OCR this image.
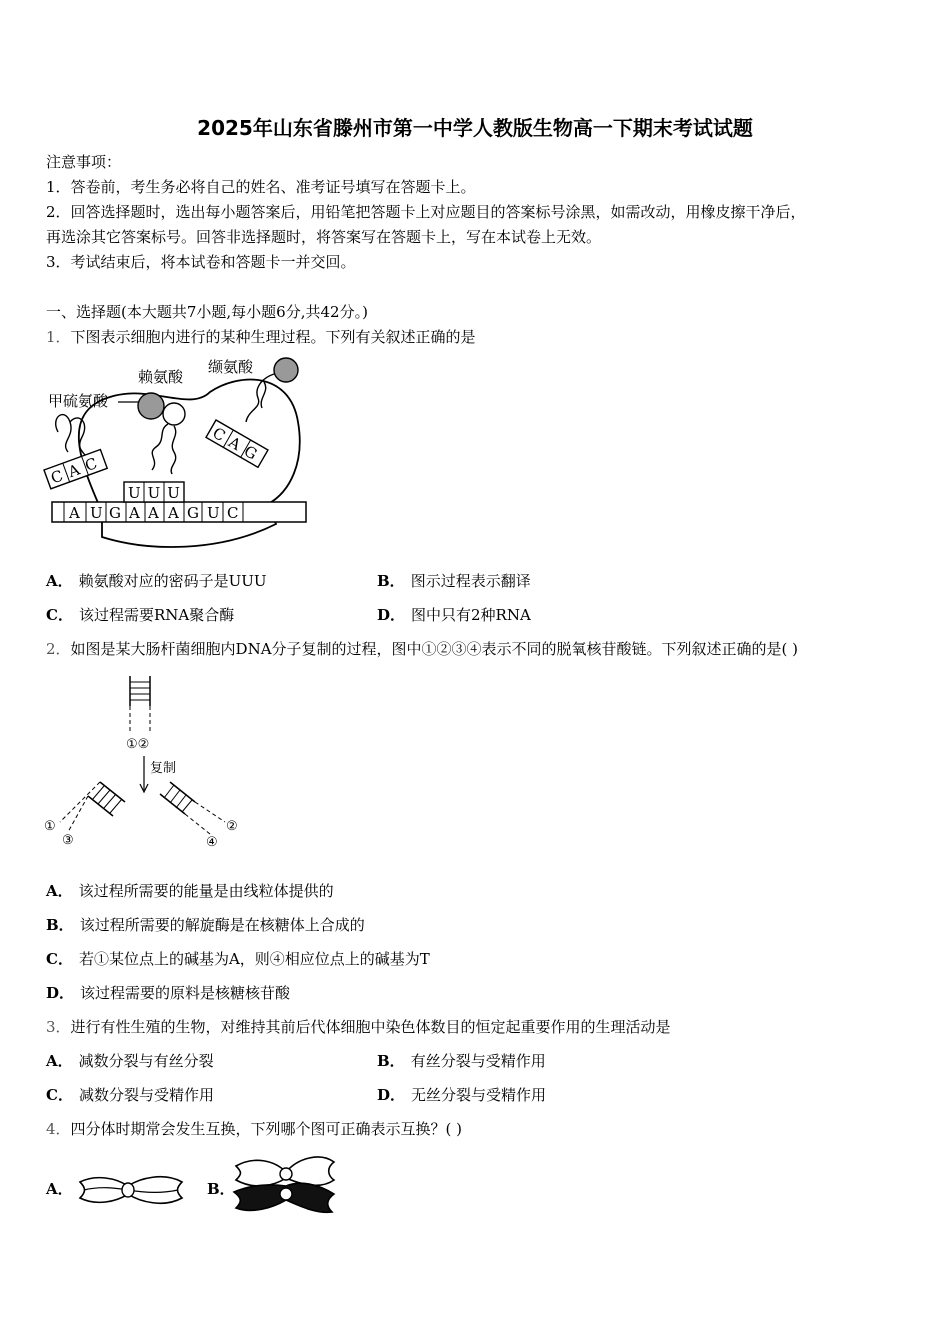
2025年山东省滕州市第一中学人教版生物高一下期末考试试题
注意事项：
1．答卷前，考生务必将自己的姓名、准考证号填写在答题卡上。
2．回答选择题时，选出每小题答案后，用铅笔把答题卡上对应题目的答案标号涂黑，如需改动，用橡皮擦干净后，
再选涂其它答案标号。回答非选择题时，将答案写在答题卡上，写在本试卷上无效。
3．考试结束后，将本试卷和答题卡一并交回。
一、选择题(本大题共7小题,每小题6分,共42分。)
1．下图表示细胞内进行的某种生理过程。下列有关叙述正确的是
A U G A A A G U C
CAC
甲硫氨酸
UUU
赖氨酸
CAG
缬氨酸
A． 赖氨酸对应的密码子是UUU	B． 图示过程表示翻译
C． 该过程需要RNA聚合酶	D． 图中只有2种RNA
2．如图是某大肠杆菌细胞内DNA分子复制的过程，图中①②③④表示不同的脱氧核苷酸链。下列叙述正确的是( )
①②
复制
①
③
②
④
A． 该过程所需要的能量是由线粒体提供的
B． 该过程所需要的解旋酶是在核糖体上合成的
C． 若①某位点上的碱基为A，则④相应位点上的碱基为T
D． 该过程需要的原料是核糖核苷酸
3．进行有性生殖的生物，对维持其前后代体细胞中染色体数目的恒定起重要作用的生理活动是
A． 减数分裂与有丝分裂	B． 有丝分裂与受精作用
C． 减数分裂与受精作用	D． 无丝分裂与受精作用
4．四分体时期常会发生互换，下列哪个图可正确表示互换？( )
A．	B．
